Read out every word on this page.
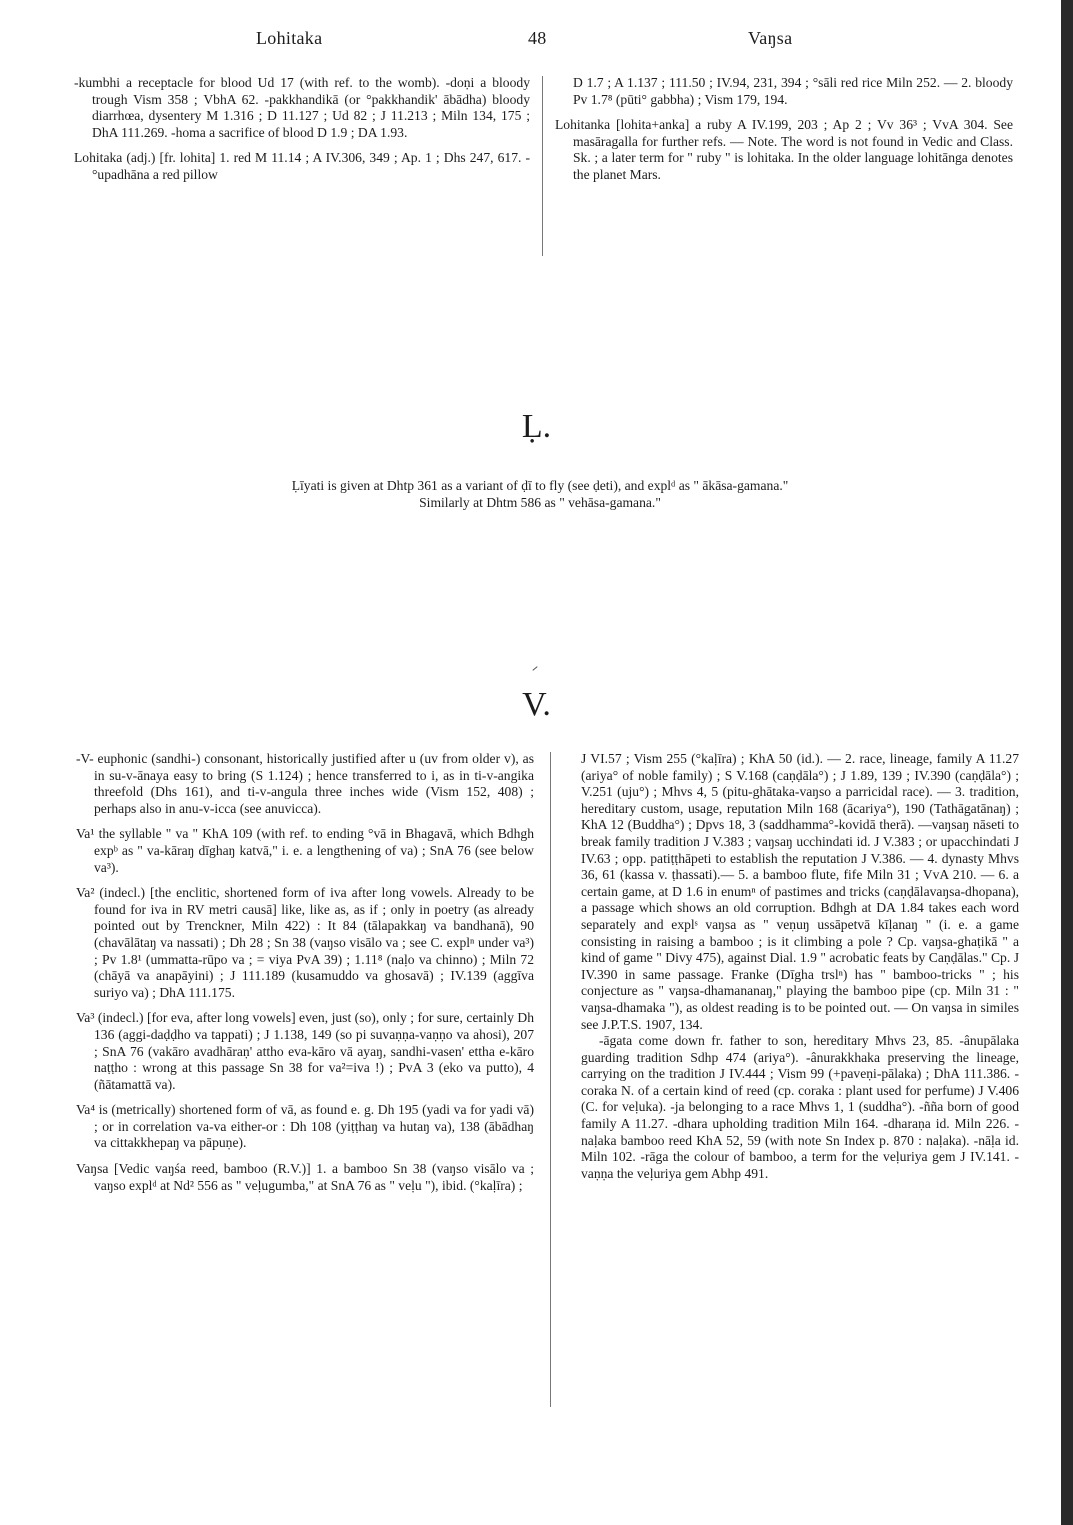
Lohitaka	48	Vaŋsa

-kumbhi a receptacle for blood Ud 17 (with ref. to the womb). -doṇi a bloody trough Vism 358 ; VbhA 62. -pakkhandikā (or °pakkhandik' ābādha) bloody diarrhœa, dysentery M 1.316 ; D 11.127 ; Ud 82 ; J 11.213 ; Miln 134, 175 ; DhA 111.269. -homa a sacrifice of blood D 1.9 ; DA 1.93.

Lohitaka (adj.) [fr. lohita] 1. red M 11.14 ; A IV.306, 349 ; Ap. 1 ; Dhs 247, 617. -°upadhāna a red pillow

D 1.7 ; A 1.137 ; 111.50 ; IV.94, 231, 394 ; °sāli red rice Miln 252. — 2. bloody Pv 1.7⁸ (pūti° gabbha) ; Vism 179, 194.

Lohitanka [lohita+anka] a ruby A IV.199, 203 ; Ap 2 ; Vv 36³ ; VvA 304. See masāragalla for further refs. — Note. The word is not found in Vedic and Class. Sk. ; a later term for " ruby " is lohitaka. In the older language lohitānga denotes the planet Mars.

Ḷ.
Ḷīyati is given at Dhtp 361 as a variant of ḍī to fly (see ḍeti), and explᵈ as " ākāsa-gamana."
Similarly at Dhtm 586 as " vehāsa-gamana."
V.

-V- euphonic (sandhi-) consonant, historically justified after u (uv from older v), as in su-v-ānaya easy to bring (S 1.124) ; hence transferred to i, as in ti-v-angika threefold (Dhs 161), and ti-v-angula three inches wide (Vism 152, 408) ; perhaps also in anu-v-icca (see anuvicca).

Va¹ the syllable " va " KhA 109 (with ref. to ending °vā in Bhagavā, which Bdhgh expᵇ as " va-kāraŋ dīghaŋ katvā," i. e. a lengthening of va) ; SnA 76 (see below va³).

Va² (indecl.) [the enclitic, shortened form of iva after long vowels. Already to be found for iva in RV metri causā] like, like as, as if ; only in poetry (as already pointed out by Trenckner, Miln 422) : It 84 (tālapakkaŋ va bandhanā), 90 (chavālātaŋ va nassati) ; Dh 28 ; Sn 38 (vaŋso visālo va ; see C. explⁿ under va³) ; Pv 1.8¹ (ummatta-rūpo va ; = viya PvA 39) ; 1.11⁸ (naḷo va chinno) ; Miln 72 (chāyā va anapāyini) ; J 111.189 (kusamuddo va ghosavā) ; IV.139 (aggīva suriyo va) ; DhA 111.175.

Va³ (indecl.) [for eva, after long vowels] even, just (so), only ; for sure, certainly Dh 136 (aggi-daḍḍho va tappati) ; J 1.138, 149 (so pi suvaṇṇa-vaṇṇo va ahosi), 207 ; SnA 76 (vakāro avadhāraṇ' attho eva-kāro vā ayaŋ, sandhi-vasen' ettha e-kāro naṭṭho : wrong at this passage Sn 38 for va²=iva !) ; PvA 3 (eko va putto), 4 (ñātamattā va).

Va⁴ is (metrically) shortened form of vā, as found e. g. Dh 195 (yadi va for yadi vā) ; or in correlation va-va either-or : Dh 108 (yiṭṭhaŋ va hutaŋ va), 138 (ābādhaŋ va cittakkhepaŋ va pāpuṇe).

Vaŋsa [Vedic vaŋśa reed, bamboo (R.V.)] 1. a bamboo Sn 38 (vaŋso visālo va ; vaŋso explᵈ at Nd² 556 as " veḷugumba," at SnA 76 as " veḷu "), ibid. (°kaḷīra) ;

J VI.57 ; Vism 255 (°kaḷīra) ; KhA 50 (id.). — 2. race, lineage, family A 11.27 (ariya° of noble family) ; S V.168 (caṇḍāla°) ; J 1.89, 139 ; IV.390 (caṇḍāla°) ; V.251 (uju°) ; Mhvs 4, 5 (pitu-ghātaka-vaŋso a parricidal race). — 3. tradition, hereditary custom, usage, reputation Miln 168 (ācariya°), 190 (Tathāgatānaŋ) ; KhA 12 (Buddha°) ; Dpvs 18, 3 (saddhamma°-kovidā therā). —vaŋsaŋ nāseti to break family tradition J V.383 ; vaŋsaŋ ucchindati id. J V.383 ; or upacchindati J IV.63 ; opp. patiṭṭhāpeti to establish the reputation J V.386. — 4. dynasty Mhvs 36, 61 (kassa v. ṭhassati).— 5. a bamboo flute, fife Miln 31 ; VvA 210. — 6. a certain game, at D 1.6 in enumⁿ of pastimes and tricks (caṇḍālavaŋsa-dhopana), a passage which shows an old corruption. Bdhgh at DA 1.84 takes each word separately and explˢ vaŋsa as " veṇuŋ ussāpetvā kīḷanaŋ " (i. e. a game consisting in raising a bamboo ; is it climbing a pole ? Cp. vaŋsa-ghaṭikā " a kind of game " Divy 475), against Dial. 1.9 " acrobatic feats by Caṇḍālas." Cp. J IV.390 in same passage. Franke (Dīgha trslⁿ) has " bamboo-tricks " ; his conjecture as " vaŋsa-dhamananaŋ," playing the bamboo pipe (cp. Miln 31 : " vaŋsa-dhamaka "), as oldest reading is to be pointed out. — On vaŋsa in similes see J.P.T.S. 1907, 134.

-āgata come down fr. father to son, hereditary Mhvs 23, 85. -ânupālaka guarding tradition Sdhp 474 (ariya°). -ânurakkhaka preserving the lineage, carrying on the tradition J IV.444 ; Vism 99 (+paveṇi-pālaka) ; DhA 111.386. -coraka N. of a certain kind of reed (cp. coraka : plant used for perfume) J V.406 (C. for veḷuka). -ja belonging to a race Mhvs 1, 1 (suddha°). -ñña born of good family A 11.27. -dhara upholding tradition Miln 164. -dharaṇa id. Miln 226. -naḷaka bamboo reed KhA 52, 59 (with note Sn Index p. 870 : naḷaka). -nāḷa id. Miln 102. -rāga the colour of bamboo, a term for the veḷuriya gem J IV.141. -vaṇṇa the veḷuriya gem Abhp 491.
